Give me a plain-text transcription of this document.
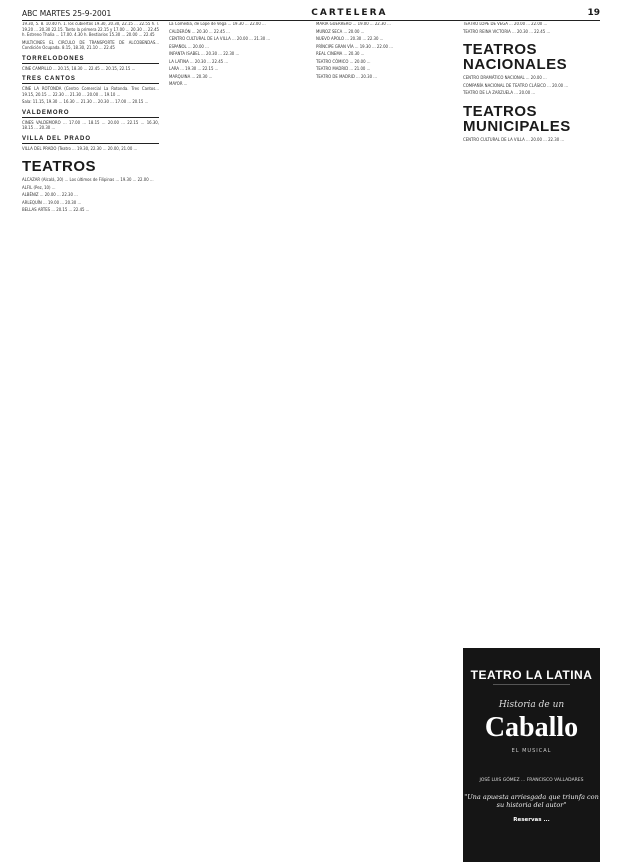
ABC MARTES 25-9-2001	CARTELERA	19

19.30, 5. 8. 10.40 h. 1. los cubiertos 19.30, 20.30, 22.15 ... 22.55 h. l. 19.20 ... 20.30 22.15. Tanto la primera 22.15 y 17.00 ... 20.30 ... 22.45 h. Estreno Thalia ... 17.00. 4.30 h. Bestiarios 15.30 ... 20.00 ... 22.45

MULTICINES EL CIRCULO DE TRANSPORTE DE ALCOBENDAS... Condición Ocupada. 8.15, 18.30, 21.10 ... 22.45

TORRELODONES

CINE CAMPILLO ... 20.15, 18.30 ... 22.45 ... 20.15, 22.15 ...

TRES CANTOS

CINE LA ROTONDA (Centro Comercial La Rotonda. Tres Cantos... 19.15, 20.15 ... 22.30 ... 21.30 ... 20.00 ... 19.10 ...

Sala: 11.15, 19.30 ... 16.30 ... 21.30 ... 20.30 ... 17.00 ... 20.15 ...

VALDEMORO

CINES VALDEMORO ... 17.00 ... 18.15 ... 20.00 ... 22.15 ... 16.30, 18.15 ... 20.30 ...

VILLA DEL PRADO

VILLA DEL PRADO (Teatro ... 19.30, 22.30 ... 20.00, 21.00 ...

TEATROS

ALCAZAR (Alcalá, 20) ... Los últimos de Filipinas ... 19.30 ... 22.00 ...

ALFIL (Pez, 10) ...

ALBÉNIZ ... 20.00 ... 22.30 ...

ARLEQUÍN ... 19.00 ... 20.30 ...

BELLAS ARTES ... 20.15 ... 22.45 ...

La Comedia, de Lope de Vega ... 19.30 ... 22.00 ...

CALDERÓN ... 20.30 ... 22.45 ...

CENTRO CULTURAL DE LA VILLA ... 20.00 ... 21.30 ...

ESPAÑOL ... 20.00 ...

INFANTA ISABEL ... 20.30 ... 22.30 ...

LA LATINA ... 20.30 ... 22.45 ...

LARA ... 19.30 ... 22.15 ...

MARQUINA ... 20.30 ...

MAYOR ...

MARÍA GUERRERO ... 19.00 ... 22.30 ...

MUÑOZ SECA ... 20.00 ...

NUEVO APOLO ... 20.30 ... 22.30 ...

PRÍNCIPE GRAN VÍA ... 19.30 ... 22.00 ...

REAL CINEMA ... 20.30 ...

TEATRO CÓMICO ... 20.00 ...

TEATRO MADRID ... 21.00 ...

TEATRO DE MADRID ... 20.30 ...

TEATRO LOPE DE VEGA ... 20.00 ... 22.00 ...

TEATRO REINA VICTORIA ... 20.30 ... 22.45 ...

TEATROS NACIONALES

CENTRO DRAMÁTICO NACIONAL ... 20.00 ...

COMPAÑÍA NACIONAL DE TEATRO CLÁSICO ... 20.00 ...

TEATRO DE LA ZARZUELA ... 20.00 ...

TEATROS MUNICIPALES

CENTRO CULTURAL DE LA VILLA ... 20.00 ... 22.30 ...

TEATRO LA LATINA
Historia de un
Caballo
EL MUSICAL
JOSÉ LUIS GÓMEZ ... FRANCISCO VALLADARES
"Una apuesta arriesgada que triunfa con su historia del autor"
Reservas ...
